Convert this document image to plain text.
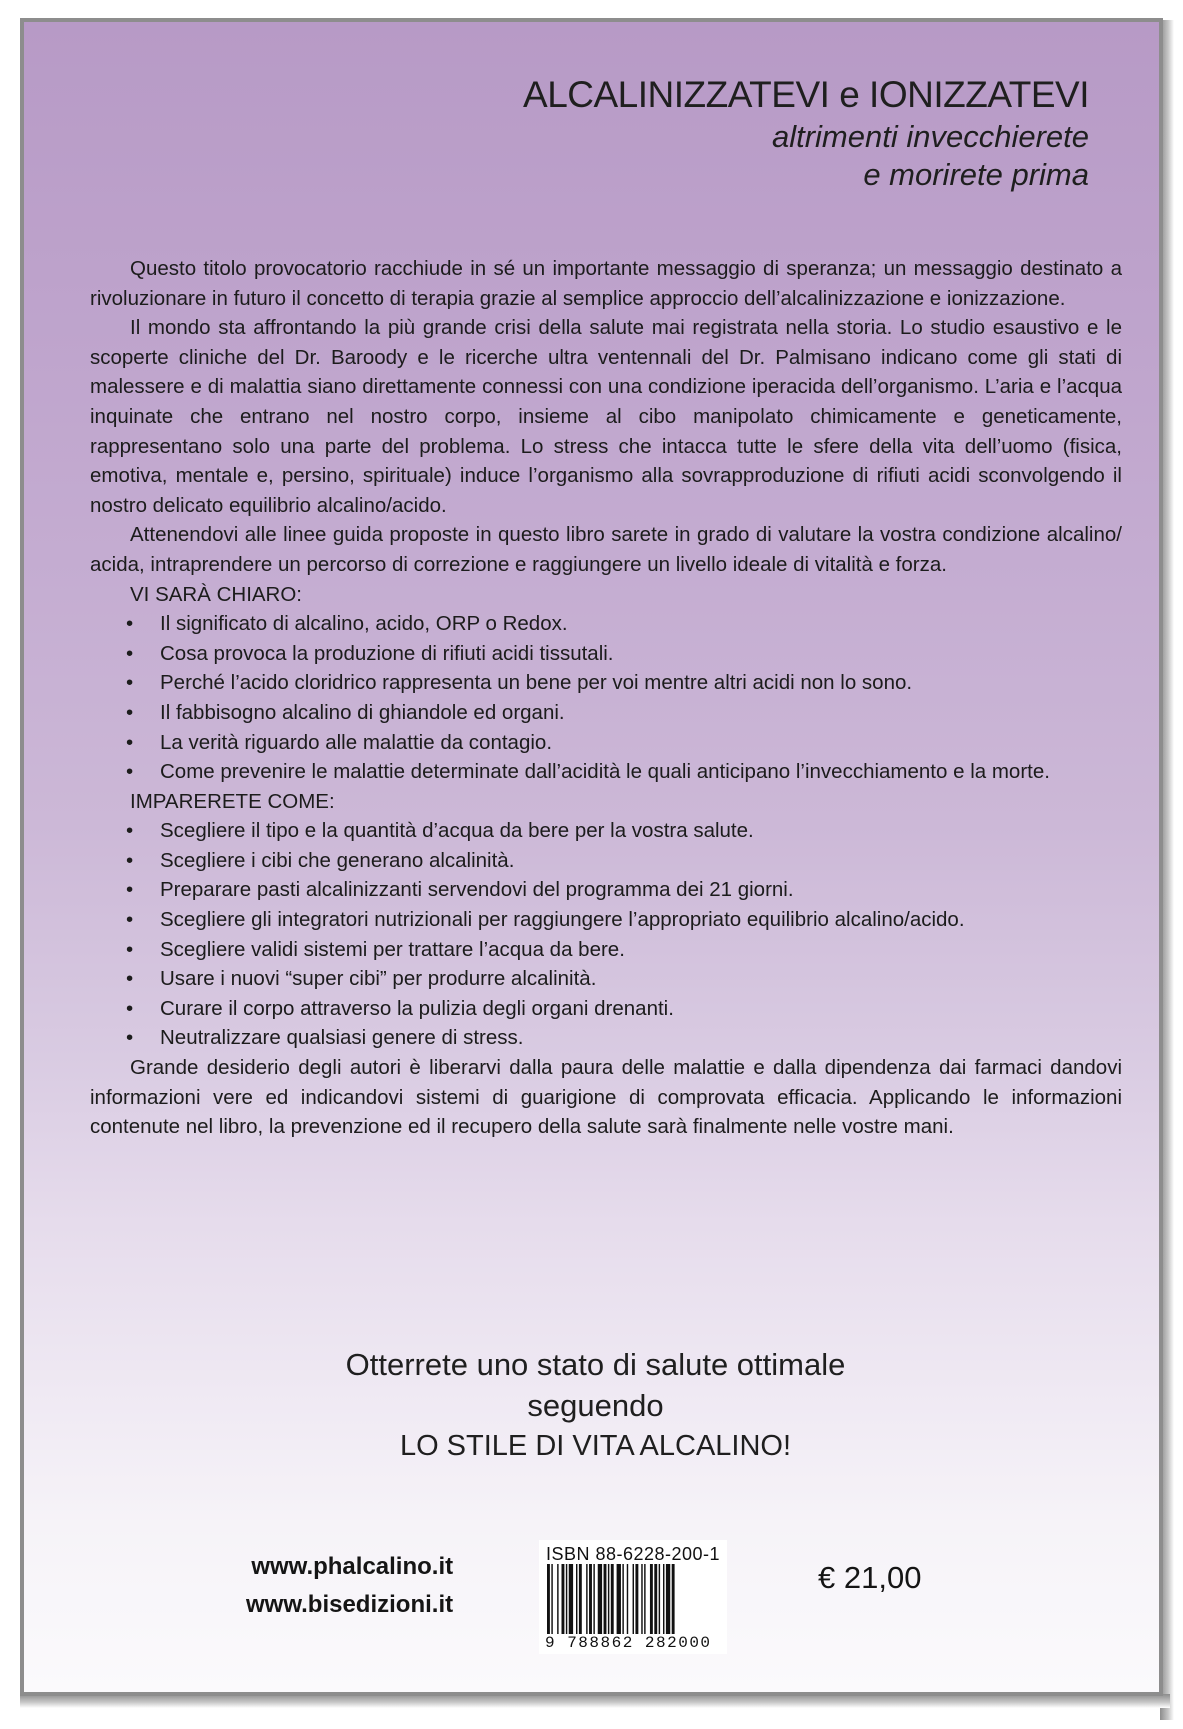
ALCALINIZZATEVI e IONIZZATEVI
altrimenti invecchierete
e morirete prima

Questo titolo provocatorio racchiude in sé un importante messaggio di speranza; un messaggio destinato a rivoluzionare in futuro il concetto di terapia grazie al semplice approccio dell’alcalinizzazione e ionizzazione.

Il mondo sta affrontando la più grande crisi della salute mai registrata nella storia. Lo studio esaustivo e le scoperte cliniche del Dr. Baroody e le ricerche ultra ventennali del Dr. Palmisano indicano come gli stati di malessere e di malattia siano direttamente connessi con una condizione iperacida dell’organismo. L’aria e l’acqua inquinate che entrano nel nostro corpo, insieme al cibo manipolato chimicamente e geneticamente, rappresentano solo una parte del problema. Lo stress che intacca tutte le sfere della vita dell’uomo (fisica, emotiva, mentale e, persino, spirituale) induce l’organismo alla sovrapproduzione di rifiuti acidi sconvolgendo il nostro delicato equilibrio alcalino/acido.

Attenendovi alle linee guida proposte in questo libro sarete in grado di valutare la vostra condizione alcalino/ acida, intraprendere un percorso di correzione e raggiungere un livello ideale di vitalità e forza.

VI SARÀ CHIARO:

• Il significato di alcalino, acido, ORP o Redox.
• Cosa provoca la produzione di rifiuti acidi tissutali.
• Perché l’acido cloridrico rappresenta un bene per voi mentre altri acidi non lo sono.
• Il fabbisogno alcalino di ghiandole ed organi.
• La verità riguardo alle malattie da contagio.
• Come prevenire le malattie determinate dall’acidità le quali anticipano l’invecchiamento e la morte.

IMPARERETE COME:

• Scegliere il tipo e la quantità d’acqua da bere per la vostra salute.
• Scegliere i cibi che generano alcalinità.
• Preparare pasti alcalinizzanti servendovi del programma dei 21 giorni.
• Scegliere gli integratori nutrizionali per raggiungere l’appropriato equilibrio alcalino/acido.
• Scegliere validi sistemi per trattare l’acqua da bere.
• Usare i nuovi “super cibi” per produrre alcalinità.
• Curare il corpo attraverso la pulizia degli organi drenanti.
• Neutralizzare qualsiasi genere di stress.

Grande desiderio degli autori è liberarvi dalla paura delle malattie e dalla dipendenza dai farmaci dandovi informazioni vere ed indicandovi sistemi di guarigione di comprovata efficacia. Applicando le informazioni contenute nel libro, la prevenzione ed il recupero della salute sarà finalmente nelle vostre mani.

Otterrete uno stato di salute ottimale
seguendo
LO STILE DI VITA ALCALINO!
www.phalcalino.it
www.bisedizioni.it
ISBN 88-6228-200-1
9 788862 282000
€ 21,00
